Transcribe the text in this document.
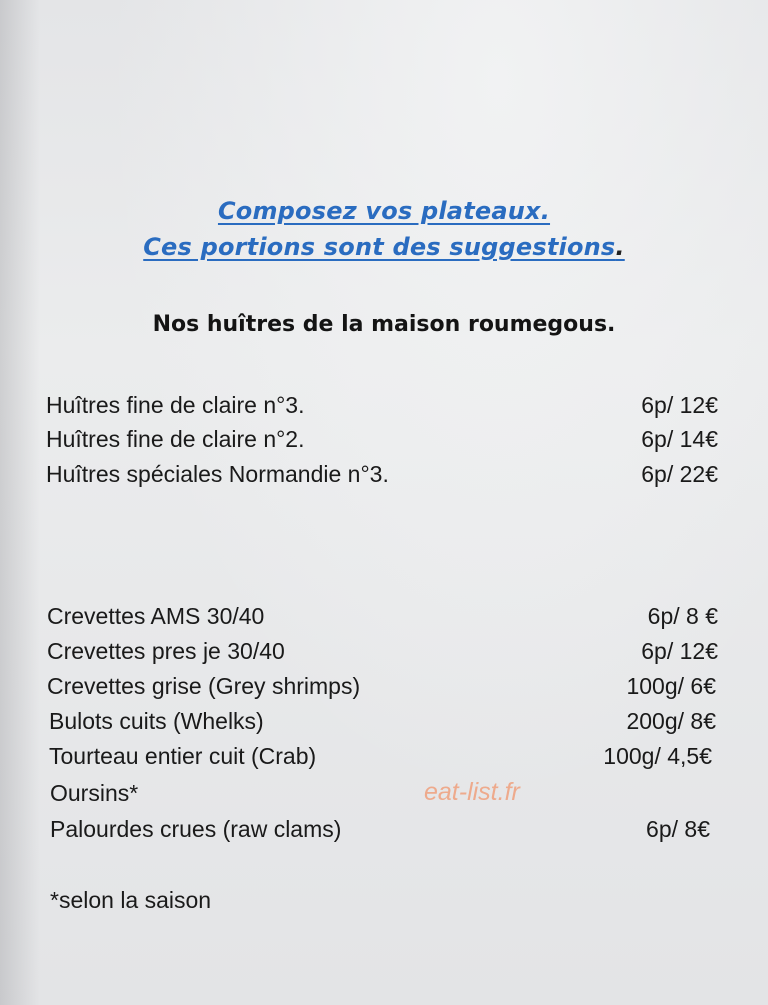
Composez vos plateaux.
Ces portions sont des suggestions.
Nos huîtres de la maison roumegous.
Huîtres fine de claire n°3.	6p/ 12€
Huîtres fine de claire n°2.	6p/ 14€
Huîtres spéciales Normandie n°3.	6p/ 22€
Crevettes AMS 30/40	6p/ 8 €
Crevettes pres je 30/40	6p/ 12€
Crevettes grise (Grey shrimps)	100g/ 6€
Bulots cuits (Whelks)	200g/ 8€
Tourteau entier cuit (Crab)	100g/ 4,5€
Oursins*
Palourdes crues (raw clams)	6p/ 8€
eat-list.fr
*selon la saison
